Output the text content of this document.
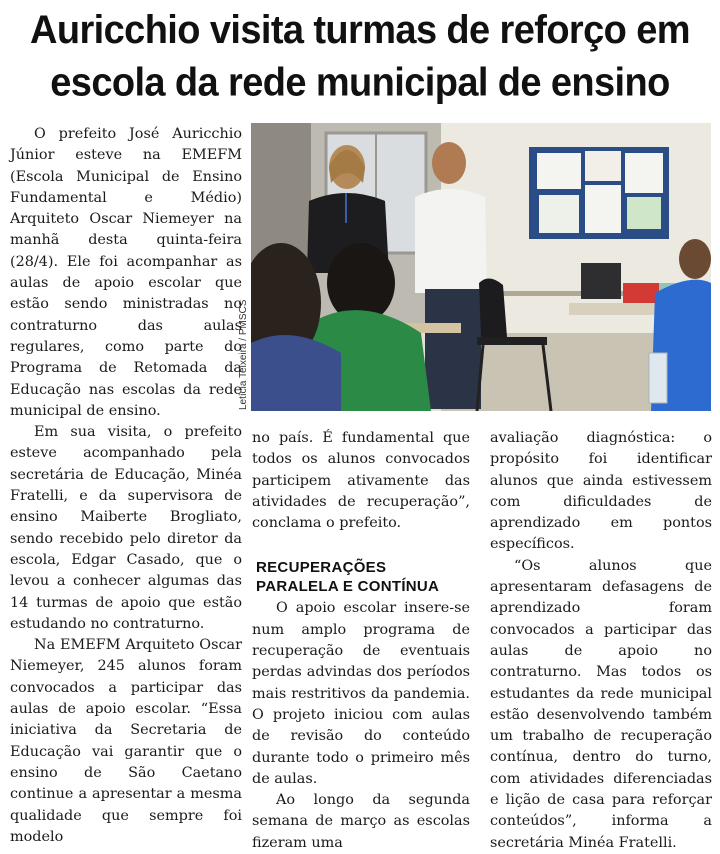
Auricchio visita turmas de reforço em
escola da rede municipal de ensino

O prefeito José Auricchio Júnior esteve na EMEFM (Escola Municipal de Ensino Fundamental e Médio) Arquiteto Oscar Niemeyer na manhã desta quinta-feira (28/4). Ele foi acompanhar as aulas de apoio escolar que estão sendo ministradas no contraturno das aulas regulares, como parte do Programa de Retomada da Educação nas escolas da rede municipal de ensino.

Em sua visita, o prefeito esteve acompanhado pela secretária de Educação, Minéa Fratelli, e da supervisora de ensino Maiberte Brogliato, sendo recebido pelo diretor da escola, Edgar Casado, que o levou a conhecer algumas das 14 turmas de apoio que estão estudando no contraturno.

Na EMEFM Arquiteto Oscar Niemeyer, 245 alunos foram convocados a participar das aulas de apoio escolar. “Essa iniciativa da Secretaria de Educação vai garantir que o ensino de São Caetano continue a apresentar a mesma qualidade que sempre foi modelo

Letícia Teixeira / PMSCS

no país. É fundamental que todos os alunos convocados participem ativamente das atividades de recuperação”, conclama o prefeito.

RECUPERAÇÕES PARALELA E CONTÍNUA

O apoio escolar insere-se num amplo programa de recuperação de eventuais perdas advindas dos períodos mais restritivos da pandemia. O projeto iniciou com aulas de revisão do conteúdo durante todo o primeiro mês de aulas.

Ao longo da segunda semana de março as escolas fizeram uma

avaliação diagnóstica: o propósito foi identificar alunos que ainda estivessem com dificuldades de aprendizado em pontos específicos.

“Os alunos que apresentaram defasagens de aprendizado foram convocados a participar das aulas de apoio no contraturno. Mas todos os estudantes da rede municipal estão desenvolvendo também um trabalho de recuperação contínua, dentro do turno, com atividades diferenciadas e lição de casa para reforçar conteúdos”, informa a secretária Minéa Fratelli.
